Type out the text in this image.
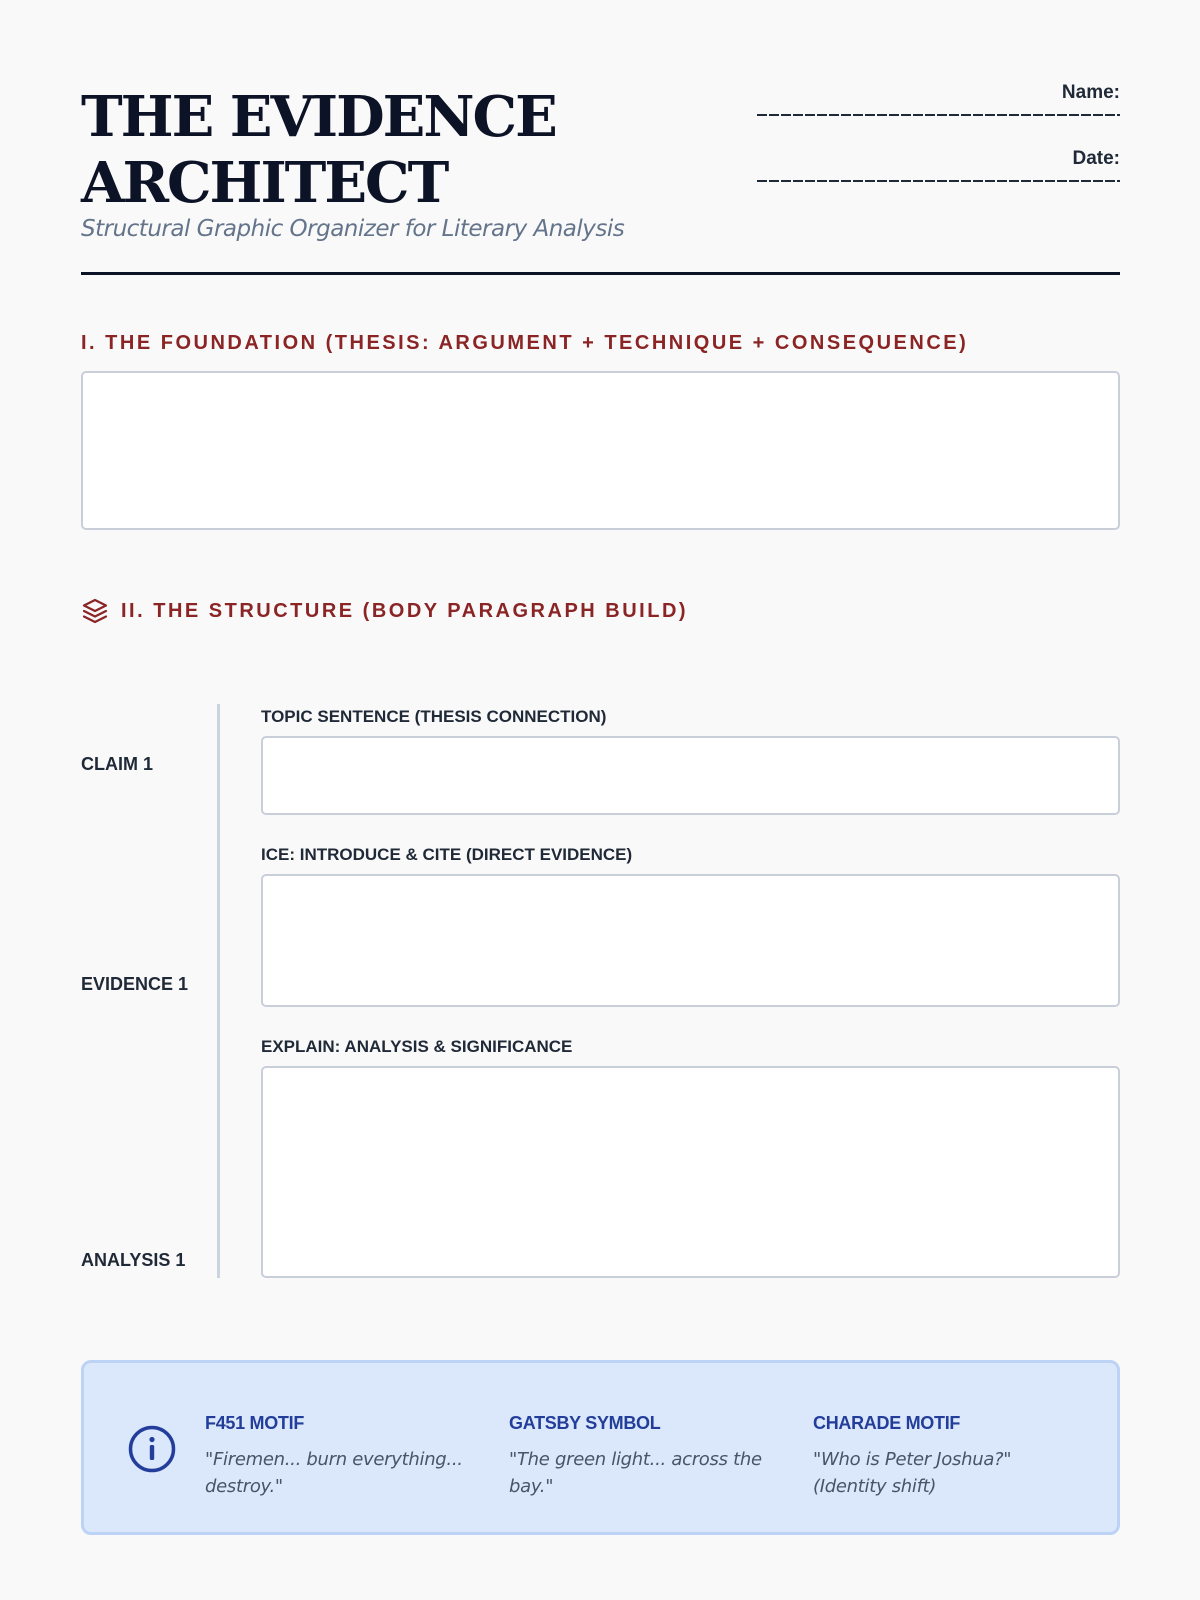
THE EVIDENCE
ARCHITECT
Structural Graphic Organizer for Literary Analysis
Name:
Date:
I. THE FOUNDATION (THESIS: ARGUMENT + TECHNIQUE + CONSEQUENCE)
II. THE STRUCTURE (BODY PARAGRAPH BUILD)
CLAIM 1
EVIDENCE 1
ANALYSIS 1
TOPIC SENTENCE (THESIS CONNECTION)
ICE: INTRODUCE & CITE (DIRECT EVIDENCE)
EXPLAIN: ANALYSIS & SIGNIFICANCE
F451 MOTIF
"Firemen... burn everything... destroy."
GATSBY SYMBOL
"The green light... across the bay."
CHARADE MOTIF
"Who is Peter Joshua?" (Identity shift)
